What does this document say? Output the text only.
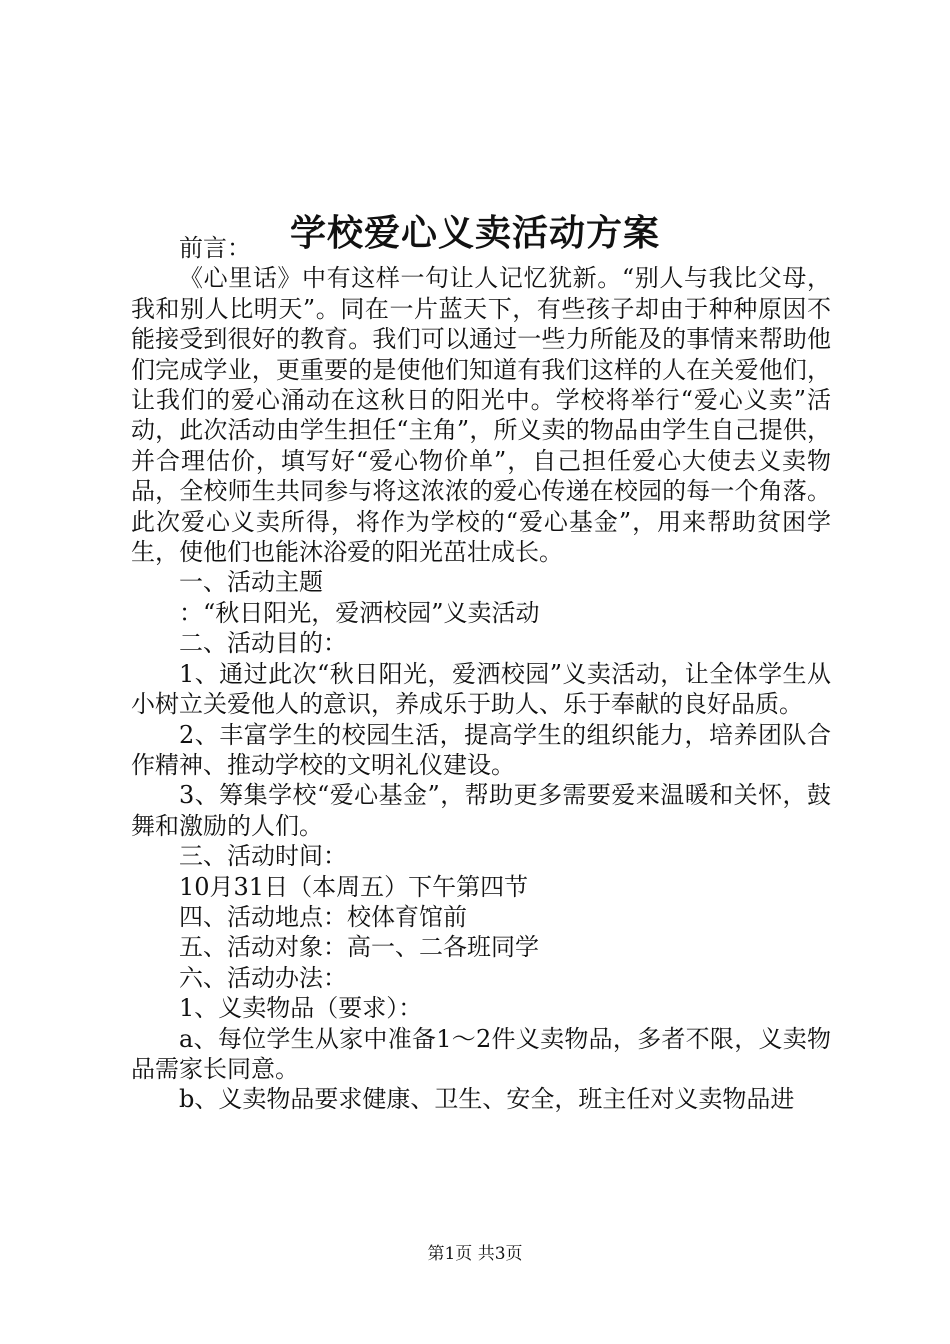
学校爱心义卖活动方案

前言：

《心里话》中有这样一句让人记忆犹新。“别人与我比父母，我和别人比明天”。同在一片蓝天下，有些孩子却由于种种原因不能接受到很好的教育。我们可以通过一些力所能及的事情来帮助他们完成学业，更重要的是使他们知道有我们这样的人在关爱他们，让我们的爱心涌动在这秋日的阳光中。学校将举行“爱心义卖”活动，此次活动由学生担任“主角”，所义卖的物品由学生自己提供，并合理估价，填写好“爱心物价单”，自己担任爱心大使去义卖物品，全校师生共同参与将这浓浓的爱心传递在校园的每一个角落。此次爱心义卖所得，将作为学校的“爱心基金”，用来帮助贫困学生，使他们也能沐浴爱的阳光茁壮成长。

一、活动主题

：“秋日阳光，爱洒校园”义卖活动

二、活动目的：

1、通过此次“秋日阳光，爱洒校园”义卖活动，让全体学生从小树立关爱他人的意识，养成乐于助人、乐于奉献的良好品质。

2、丰富学生的校园生活，提高学生的组织能力，培养团队合作精神、推动学校的文明礼仪建设。

3、筹集学校“爱心基金”，帮助更多需要爱来温暖和关怀，鼓舞和激励的人们。

三、活动时间：

10月31日（本周五）下午第四节

四、活动地点：校体育馆前

五、活动对象：高一、二各班同学

六、活动办法：

1、义卖物品（要求）：

a、每位学生从家中准备1～2件义卖物品，多者不限，义卖物品需家长同意。

b、义卖物品要求健康、卫生、安全，班主任对义卖物品进

第1页 共3页
